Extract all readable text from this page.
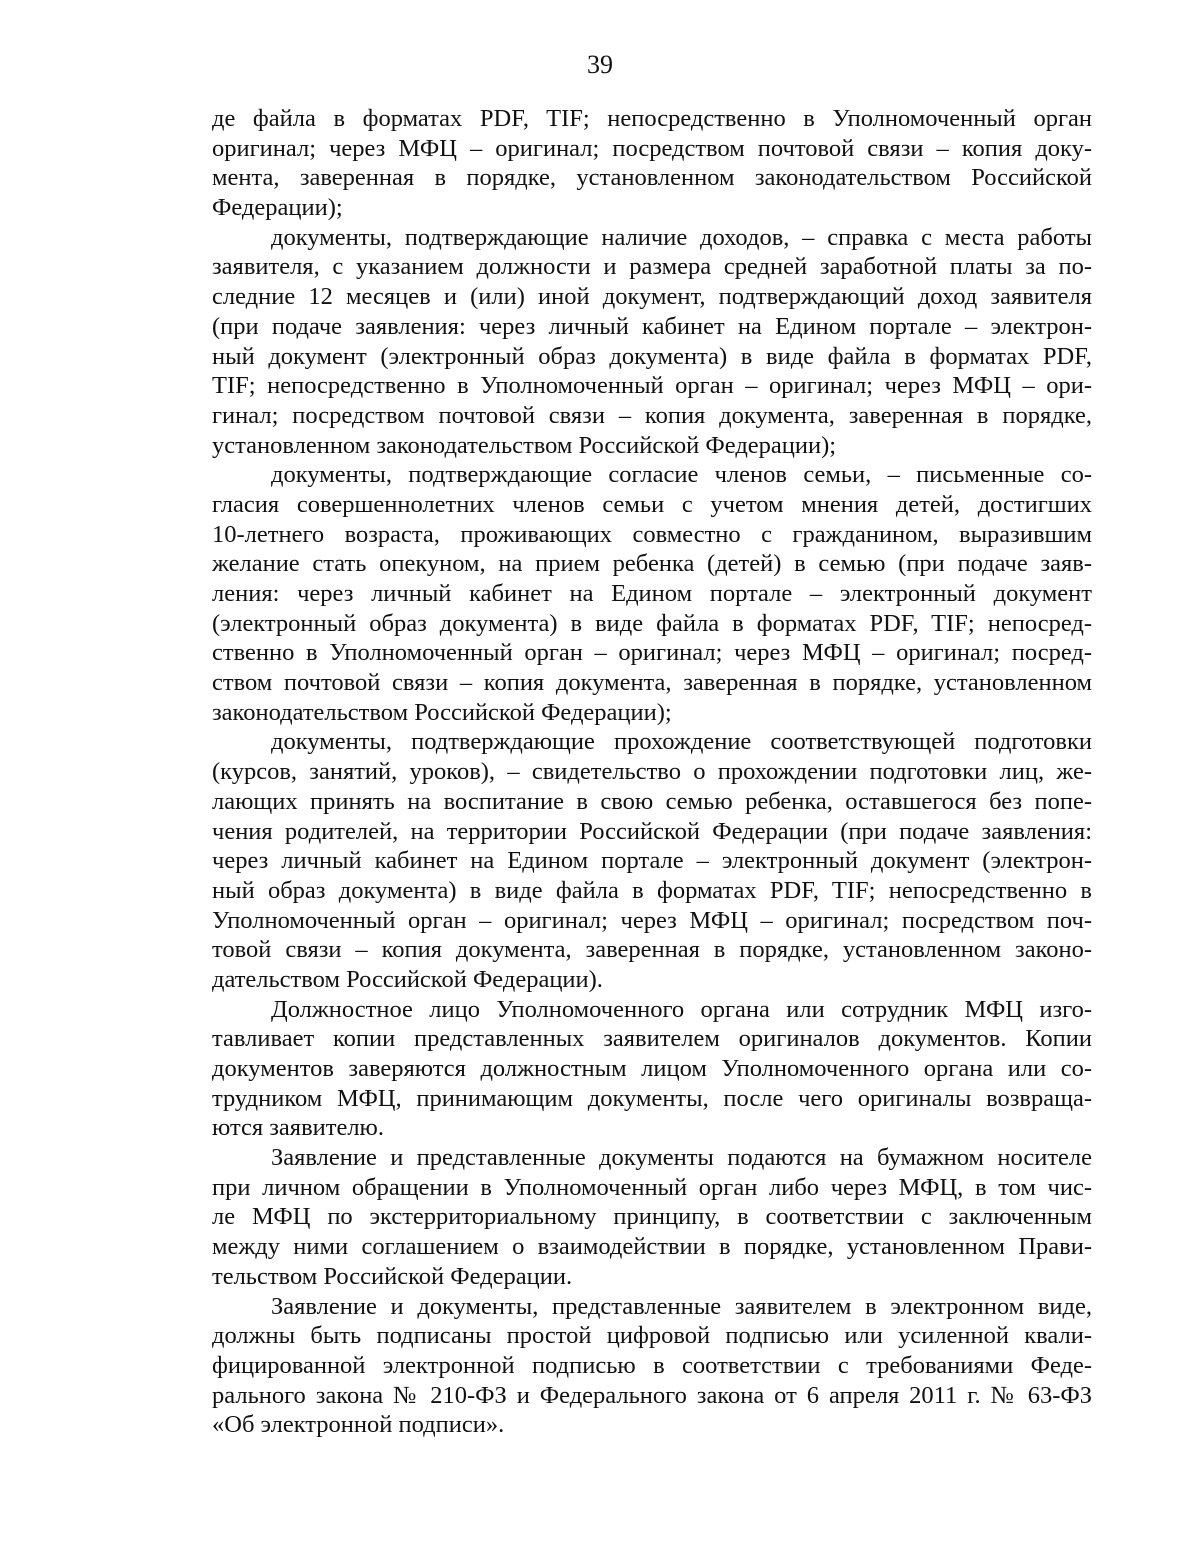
39
де файла в форматах PDF, TIF; непосредственно в Уполномоченный орган
оригинал; через МФЦ – оригинал; посредством почтовой связи – копия доку-
мента, заверенная в порядке, установленном законодательством Российской
Федерации);
документы, подтверждающие наличие доходов, – справка с места работы
заявителя, с указанием должности и размера средней заработной платы за по-
следние 12 месяцев и (или) иной документ, подтверждающий доход заявителя
(при подаче заявления: через личный кабинет на Едином портале – электрон-
ный документ (электронный образ документа) в виде файла в форматах PDF,
TIF; непосредственно в Уполномоченный орган – оригинал; через МФЦ – ори-
гинал; посредством почтовой связи – копия документа, заверенная в порядке,
установленном законодательством Российской Федерации);
документы, подтверждающие согласие членов семьи, – письменные со-
гласия совершеннолетних членов семьи с учетом мнения детей, достигших
10-летнего возраста, проживающих совместно с гражданином, выразившим
желание стать опекуном, на прием ребенка (детей) в семью (при подаче заяв-
ления: через личный кабинет на Едином портале – электронный документ
(электронный образ документа) в виде файла в форматах PDF, TIF; непосред-
ственно в Уполномоченный орган – оригинал; через МФЦ – оригинал; посред-
ством почтовой связи – копия документа, заверенная в порядке, установленном
законодательством Российской Федерации);
документы, подтверждающие прохождение соответствующей подготовки
(курсов, занятий, уроков), – свидетельство о прохождении подготовки лиц, же-
лающих принять на воспитание в свою семью ребенка, оставшегося без попе-
чения родителей, на территории Российской Федерации (при подаче заявления:
через личный кабинет на Едином портале – электронный документ (электрон-
ный образ документа) в виде файла в форматах PDF, TIF; непосредственно в
Уполномоченный орган – оригинал; через МФЦ – оригинал; посредством поч-
товой связи – копия документа, заверенная в порядке, установленном законо-
дательством Российской Федерации).
Должностное лицо Уполномоченного органа или сотрудник МФЦ изго-
тавливает копии представленных заявителем оригиналов документов. Копии
документов заверяются должностным лицом Уполномоченного органа или со-
трудником МФЦ, принимающим документы, после чего оригиналы возвраща-
ются заявителю.
Заявление и представленные документы подаются на бумажном носителе
при личном обращении в Уполномоченный орган либо через МФЦ, в том чис-
ле МФЦ по экстерриториальному принципу, в соответствии с заключенным
между ними соглашением о взаимодействии в порядке, установленном Прави-
тельством Российской Федерации.
Заявление и документы, представленные заявителем в электронном виде,
должны быть подписаны простой цифровой подписью или усиленной квали-
фицированной электронной подписью в соответствии с требованиями Феде-
рального закона № 210-ФЗ и Федерального закона от 6 апреля 2011 г. № 63-ФЗ
«Об электронной подписи».
